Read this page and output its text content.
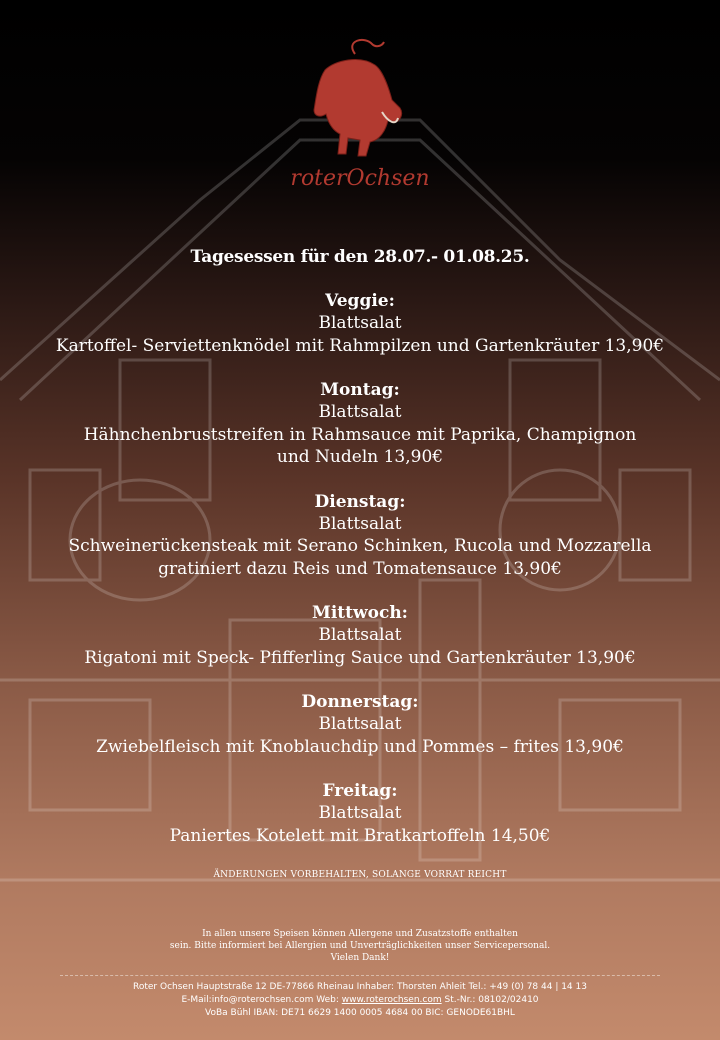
roterOchsen
Tagesessen für den 28.07.- 01.08.25.
Veggie:
Blattsalat
Kartoffel- Serviettenknödel mit Rahmpilzen und Gartenkräuter 13,90€
Montag:
Blattsalat
Hähnchenbruststreifen in Rahmsauce mit Paprika, Champignon
und Nudeln 13,90€
Dienstag:
Blattsalat
Schweinerückensteak mit Serano Schinken, Rucola und Mozzarella
gratiniert dazu Reis und Tomatensauce 13,90€
Mittwoch:
Blattsalat
Rigatoni mit Speck- Pfifferling Sauce und Gartenkräuter 13,90€
Donnerstag:
Blattsalat
Zwiebelfleisch mit Knoblauchdip und Pommes – frites 13,90€
Freitag:
Blattsalat
Paniertes Kotelett mit Bratkartoffeln 14,50€
ÄNDERUNGEN VORBEHALTEN, SOLANGE VORRAT REICHT
In allen unsere Speisen können Allergene und Zusatzstoffe enthalten
sein. Bitte informiert bei Allergien und Unverträglichkeiten unser Servicepersonal.
Vielen Dank!
Roter Ochsen Hauptstraße 12 DE-77866 Rheinau Inhaber: Thorsten Ahleit Tel.: +49 (0) 78 44 | 14 13
E-Mail:info@roterochsen.com Web: www.roterochsen.com St.-Nr.: 08102/02410
VoBa Bühl IBAN: DE71 6629 1400 0005 4684 00 BIC: GENODE61BHL
